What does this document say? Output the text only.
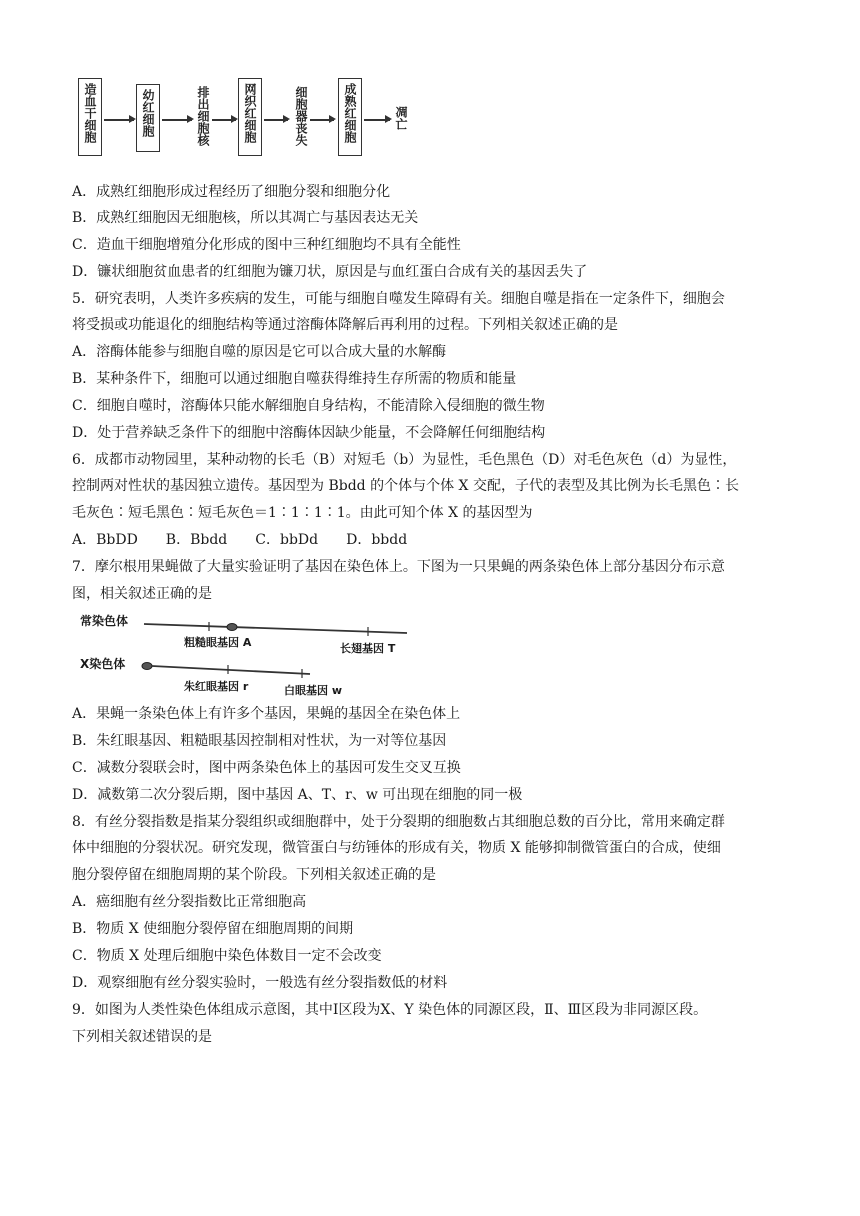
造血干细胞	幼红细胞	排出细胞核	网织红细胞	细胞器丧失	成熟红细胞	凋亡
A．成熟红细胞形成过程经历了细胞分裂和细胞分化
B．成熟红细胞因无细胞核，所以其凋亡与基因表达无关
C．造血干细胞增殖分化形成的图中三种红细胞均不具有全能性
D．镰状细胞贫血患者的红细胞为镰刀状，原因是与血红蛋白合成有关的基因丢失了
5．研究表明，人类许多疾病的发生，可能与细胞自噬发生障碍有关。细胞自噬是指在一定条件下，细胞会
将受损或功能退化的细胞结构等通过溶酶体降解后再利用的过程。下列相关叙述正确的是
A．溶酶体能参与细胞自噬的原因是它可以合成大量的水解酶
B．某种条件下，细胞可以通过细胞自噬获得维持生存所需的物质和能量
C．细胞自噬时，溶酶体只能水解细胞自身结构，不能清除入侵细胞的微生物
D．处于营养缺乏条件下的细胞中溶酶体因缺少能量，不会降解任何细胞结构
6．成都市动物园里，某种动物的长毛（B）对短毛（b）为显性，毛色黑色（D）对毛色灰色（d）为显性，
控制两对性状的基因独立遗传。基因型为 Bbdd 的个体与个体 X 交配，子代的表型及其比例为长毛黑色∶长
毛灰色∶短毛黑色∶短毛灰色＝1∶1∶1∶1。由此可知个体 X 的基因型为
A．BbDD　　B．Bbdd　　C．bbDd　　D．bbdd
7．摩尔根用果蝇做了大量实验证明了基因在染色体上。下图为一只果蝇的两条染色体上部分基因分布示意
图，相关叙述正确的是
常染色体
粗糙眼基因 A	长翅基因 T
X染色体
朱红眼基因 r	白眼基因 w
A．果蝇一条染色体上有许多个基因，果蝇的基因全在染色体上
B．朱红眼基因、粗糙眼基因控制相对性状，为一对等位基因
C．减数分裂联会时，图中两条染色体上的基因可发生交叉互换
D．减数第二次分裂后期，图中基因 A、T、r、w 可出现在细胞的同一极
8．有丝分裂指数是指某分裂组织或细胞群中，处于分裂期的细胞数占其细胞总数的百分比，常用来确定群
体中细胞的分裂状况。研究发现，微管蛋白与纺锤体的形成有关，物质 X 能够抑制微管蛋白的合成，使细
胞分裂停留在细胞周期的某个阶段。下列相关叙述正确的是
A．癌细胞有丝分裂指数比正常细胞高
B．物质 X 使细胞分裂停留在细胞周期的间期
C．物质 X 处理后细胞中染色体数目一定不会改变
D．观察细胞有丝分裂实验时，一般选有丝分裂指数低的材料
9．如图为人类性染色体组成示意图，其中Ⅰ区段为X、Y 染色体的同源区段，Ⅱ、Ⅲ区段为非同源区段。
下列相关叙述错误的是
